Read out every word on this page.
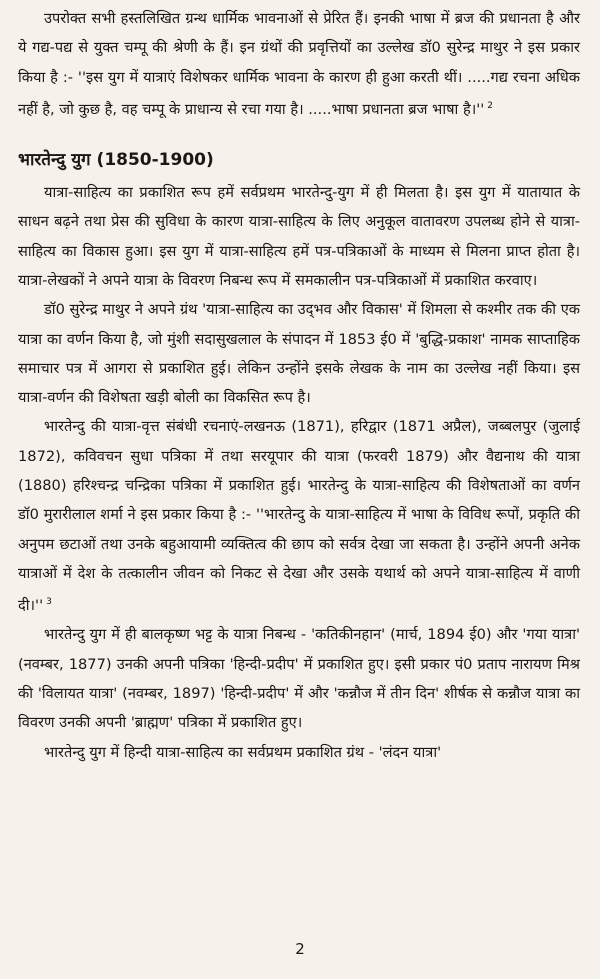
उपरोक्त सभी हस्तलिखित ग्रन्थ धार्मिक भावनाओं से प्रेरित हैं। इनकी भाषा में ब्रज की प्रधानता है और ये गद्य-पद्य से युक्त चम्पू की श्रेणी के हैं। इन ग्रंथों की प्रवृत्तियों का उल्लेख डॉ0 सुरेन्द्र माथुर ने इस प्रकार किया है :- ''इस युग में यात्राएं विशेषकर धार्मिक भावना के कारण ही हुआ करती थीं। .....गद्य रचना अधिक नहीं है, जो कुछ है, वह चम्पू के प्राधान्य से रचा गया है। .....भाषा प्रधानता ब्रज भाषा है।'' $^2$

भारतेन्दु युग (1850-1900)

यात्रा-साहित्य का प्रकाशित रूप हमें सर्वप्रथम भारतेन्दु-युग में ही मिलता है। इस युग में यातायात के साधन बढ़ने तथा प्रेस की सुविधा के कारण यात्रा-साहित्य के लिए अनुकूल वातावरण उपलब्ध होने से यात्रा-साहित्य का विकास हुआ। इस युग में यात्रा-साहित्य हमें पत्र-पत्रिकाओं के माध्यम से मिलना प्राप्त होता है। यात्रा-लेखकों ने अपने यात्रा के विवरण निबन्ध रूप में समकालीन पत्र-पत्रिकाओं में प्रकाशित करवाए।

डॉ0 सुरेन्द्र माथुर ने अपने ग्रंथ 'यात्रा-साहित्य का उद्‌भव और विकास' में शिमला से कश्मीर तक की एक यात्रा का वर्णन किया है, जो मुंशी सदासुखलाल के संपादन में 1853 ई0 में 'बुद्धि-प्रकाश' नामक साप्ताहिक समाचार पत्र में आगरा से प्रकाशित हुई। लेकिन उन्होंने इसके लेखक के नाम का उल्लेख नहीं किया। इस यात्रा-वर्णन की विशेषता खड़ी बोली का विकसित रूप है।

भारतेन्दु की यात्रा-वृत्त संबंधी रचनाएं-लखनऊ (1871), हरिद्वार (1871 अप्रैल), जब्बलपुर (जुलाई 1872), कविवचन सुधा पत्रिका में तथा सरयूपार की यात्रा (फरवरी 1879) और वैद्यनाथ की यात्रा (1880) हरिश्चन्द्र चन्द्रिका पत्रिका में प्रकाशित हुई। भारतेन्दु के यात्रा-साहित्य की विशेषताओं का वर्णन डॉ0 मुरारीलाल शर्मा ने इस प्रकार किया है :- ''भारतेन्दु के यात्रा-साहित्य में भाषा के विविध रूपों, प्रकृति की अनुपम छटाओं तथा उनके बहुआयामी व्यक्तित्व की छाप को सर्वत्र देखा जा सकता है। उन्होंने अपनी अनेक यात्राओं में देश के तत्कालीन जीवन को निकट से देखा और उसके यथार्थ को अपने यात्रा-साहित्य में वाणी दी।'' $^3$

भारतेन्दु युग में ही बालकृष्ण भट्ट के यात्रा निबन्ध - 'कतिकीनहान' (मार्च, 1894 ई0) और 'गया यात्रा' (नवम्बर, 1877) उनकी अपनी पत्रिका 'हिन्दी-प्रदीप' में प्रकाशित हुए। इसी प्रकार पं0 प्रताप नारायण मिश्र की 'विलायत यात्रा' (नवम्बर, 1897) 'हिन्दी-प्रदीप' में और 'कन्नौज में तीन दिन' शीर्षक से कन्नौज यात्रा का विवरण उनकी अपनी 'ब्राह्मण' पत्रिका में प्रकाशित हुए।

भारतेन्दु युग में हिन्दी यात्रा-साहित्य का सर्वप्रथम प्रकाशित ग्रंथ - 'लंदन यात्रा'

2
